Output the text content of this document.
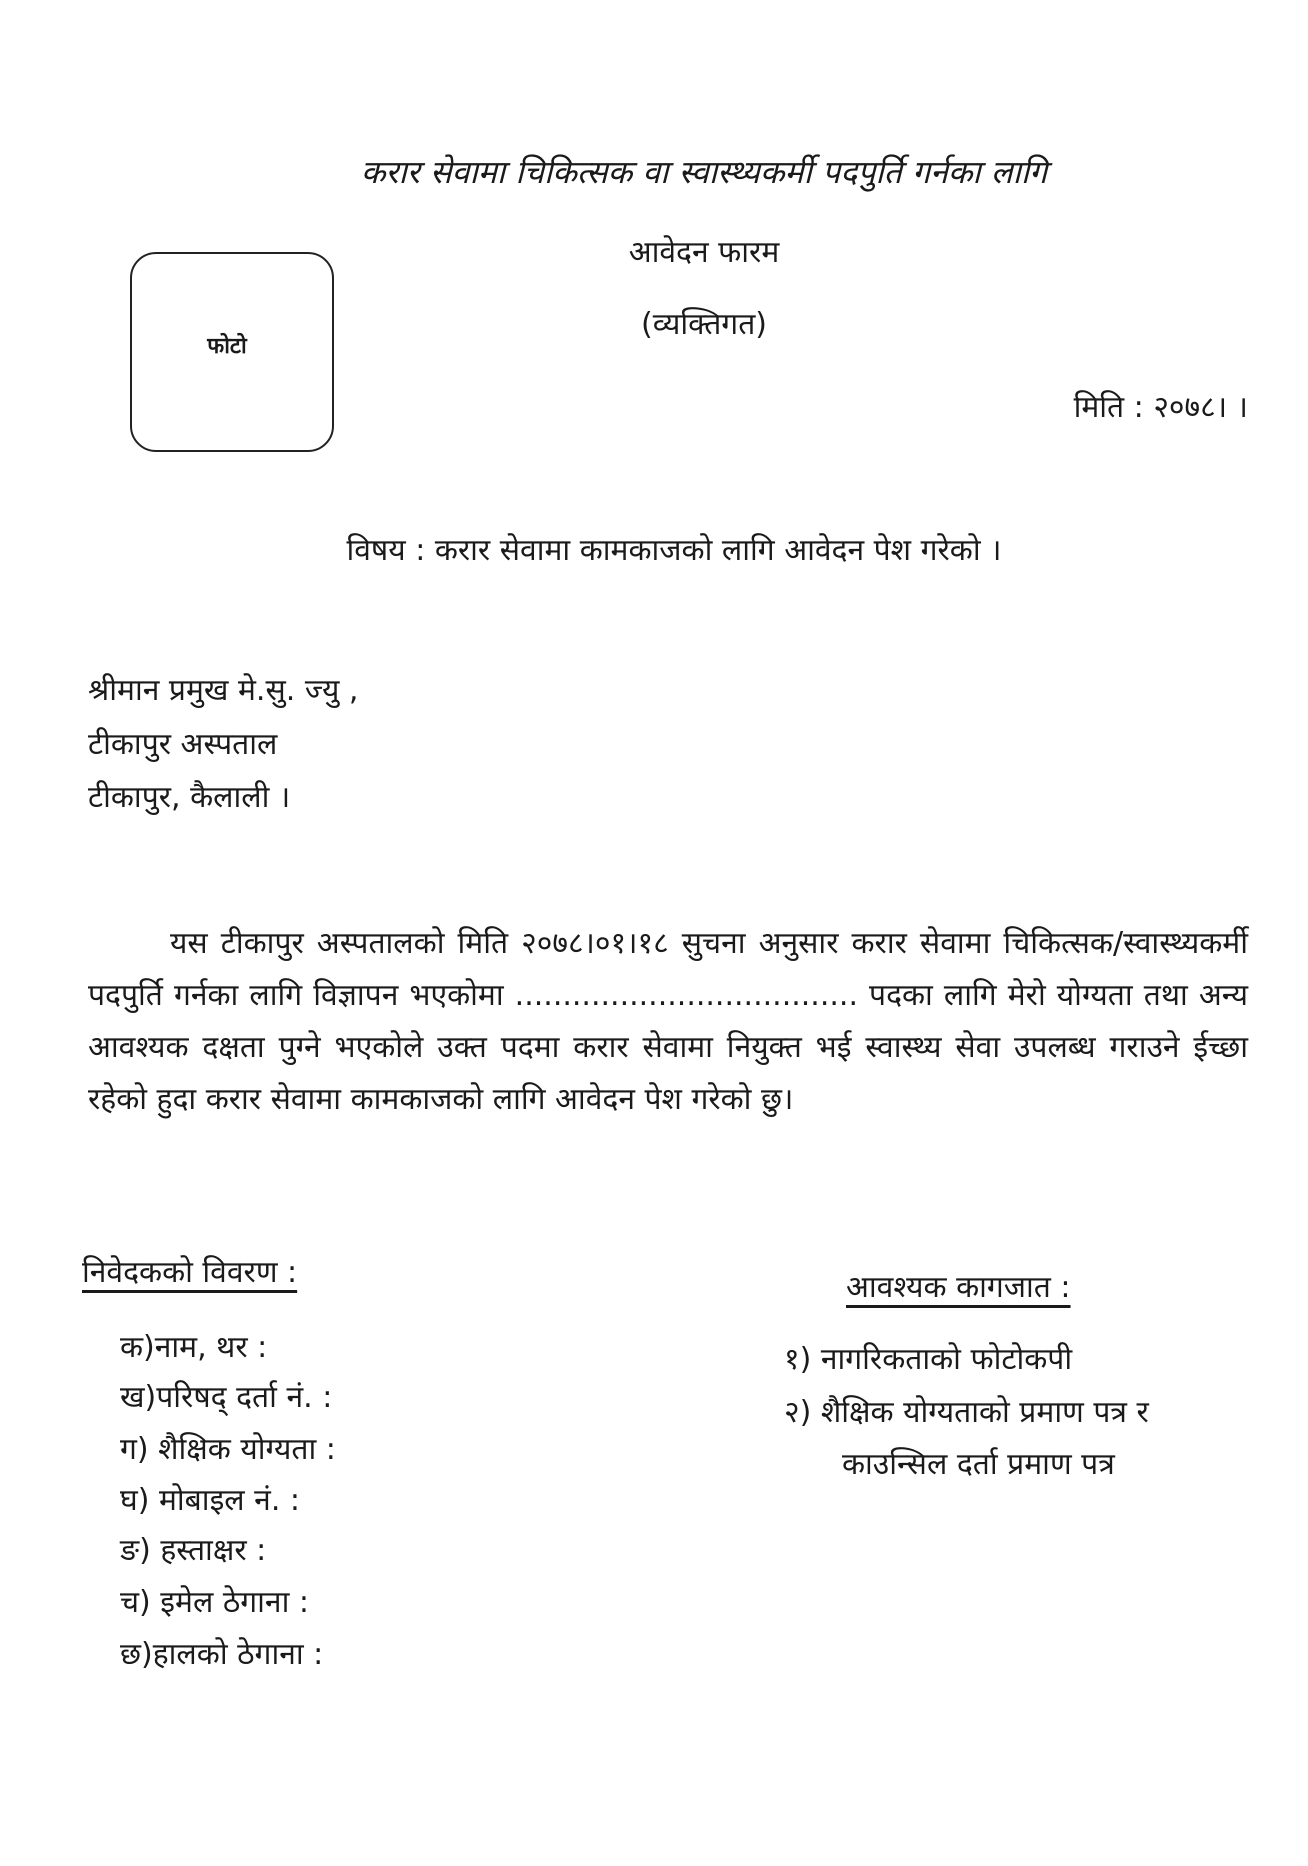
करार सेवामा चिकित्सक वा स्वास्थ्यकर्मी पदपुर्ति गर्नका लागि
आवेदन फारम
(व्यक्तिगत)
फोटो
मिति : २०७८। ।
विषय : करार सेवामा कामकाजको लागि आवेदन पेश गरेको ।
श्रीमान प्रमुख मे.सु. ज्यु ,
टीकापुर अस्पताल
टीकापुर, कैलाली ।
यस टीकापुर अस्पतालको मिति २०७८।०१।१८ सुचना अनुसार करार सेवामा चिकित्सक/स्वास्थ्यकर्मी पदपुर्ति गर्नका लागि विज्ञापन भएकोमा .................................... पदका लागि मेरो योग्यता तथा अन्य आवश्यक दक्षता पुग्ने भएकोले उक्त पदमा करार सेवामा नियुक्त भई स्वास्थ्य सेवा उपलब्ध गराउने ईच्छा रहेको हुदा करार सेवामा कामकाजको लागि आवेदन पेश गरेको छु।
निवेदकको विवरण :	आवश्यक कागजात :
क)नाम, थर :
ख)परिषद् दर्ता नं. :
ग) शैक्षिक योग्यता :
घ) मोबाइल नं. :
ङ) हस्ताक्षर :
च) इमेल ठेगाना :
छ)हालको ठेगाना :
१) नागरिकताको फोटोकपी
२) शैक्षिक योग्यताको प्रमाण पत्र र
काउन्सिल दर्ता प्रमाण पत्र
